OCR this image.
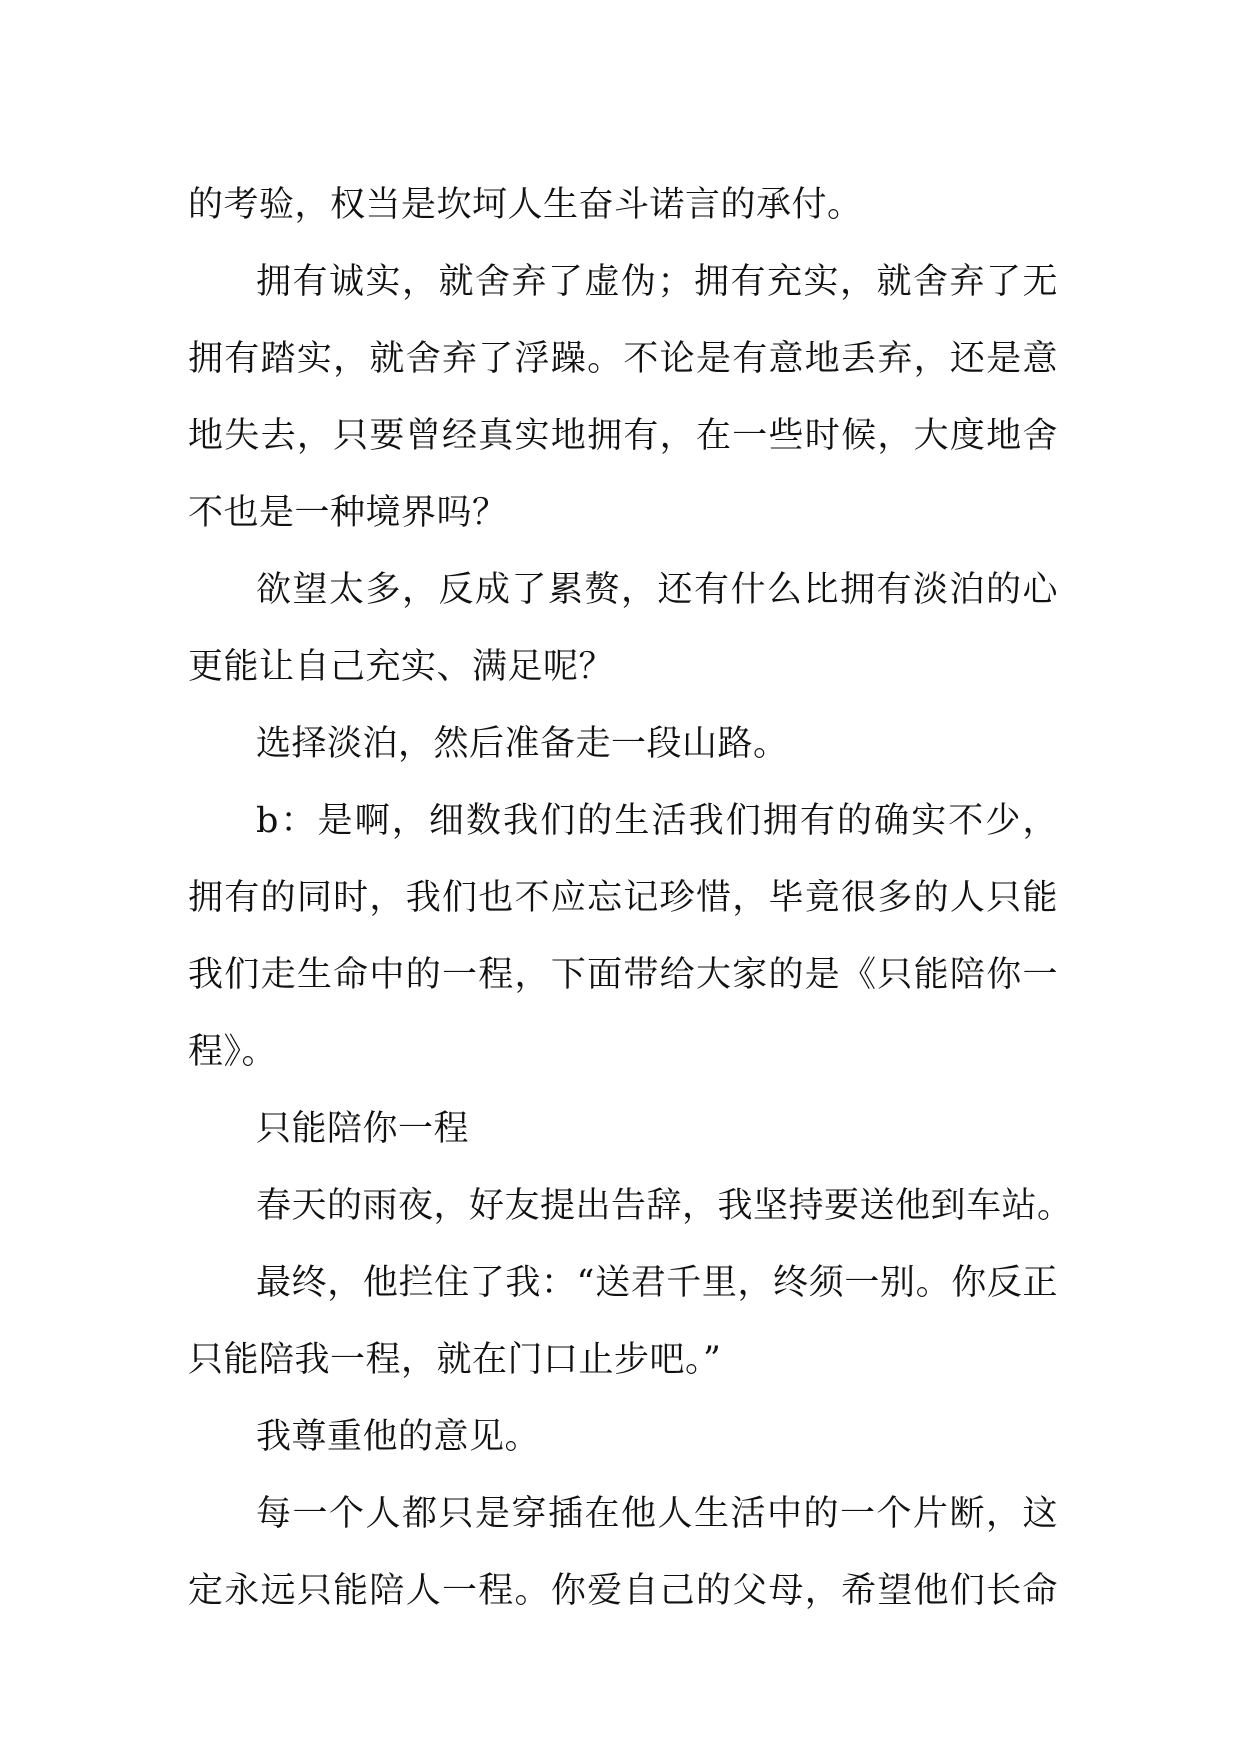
的考验，权当是坎坷人生奋斗诺言的承付。
拥有诚实，就舍弃了虚伪；拥有充实，就舍弃了无
拥有踏实，就舍弃了浮躁。不论是有意地丢弃，还是意
地失去，只要曾经真实地拥有，在一些时候，大度地舍
不也是一种境界吗？
欲望太多，反成了累赘，还有什么比拥有淡泊的心
更能让自己充实、满足呢？
选择淡泊，然后准备走一段山路。
b：是啊，细数我们的生活我们拥有的确实不少，
拥有的同时，我们也不应忘记珍惜，毕竟很多的人只能
我们走生命中的一程，下面带给大家的是《只能陪你一
程》。
只能陪你一程
春天的雨夜，好友提出告辞，我坚持要送他到车站。
最终，他拦住了我：“送君千里，终须一别。你反正
只能陪我一程，就在门口止步吧。”
我尊重他的意见。
每一个人都只是穿插在他人生活中的一个片断，这
定永远只能陪人一程。你爱自己的父母，希望他们长命
